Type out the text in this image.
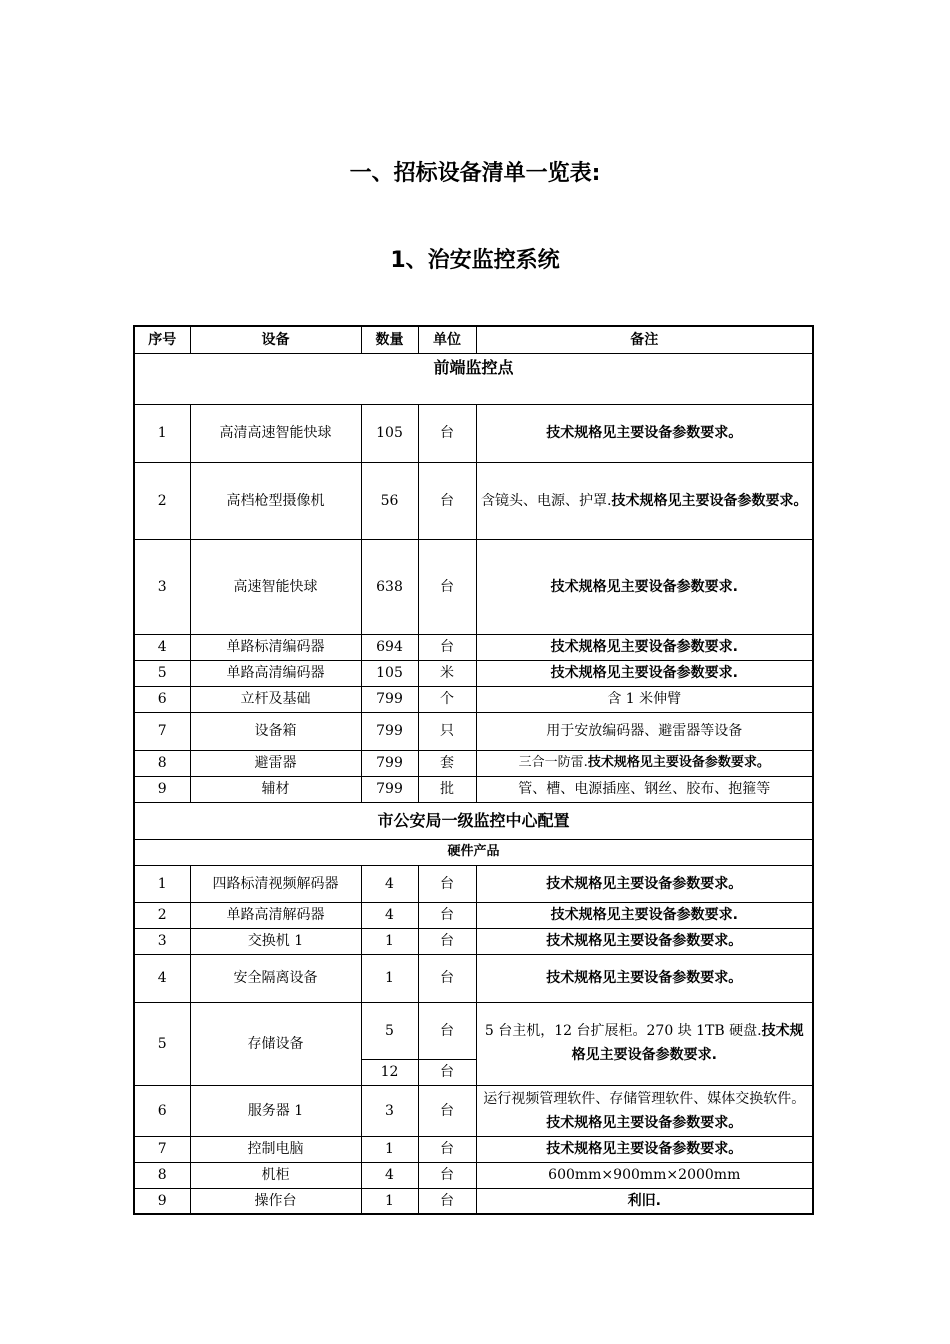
一、招标设备清单一览表:
1、治安监控系统
序号	设备	数量	单位	备注
前端监控点				
1	高清高速智能快球	105	台	技术规格见主要设备参数要求。
2	高档枪型摄像机	56	台	含镜头、电源、护罩.技术规格见主要设备参数要求。
3	高速智能快球	638	台	技术规格见主要设备参数要求.
4	单路标清编码器	694	台	技术规格见主要设备参数要求.
5	单路高清编码器	105	米	技术规格见主要设备参数要求.
6	立杆及基础	799	个	含 1 米伸臂
7	设备箱	799	只	用于安放编码器、避雷器等设备
8	避雷器	799	套	三合一防雷.技术规格见主要设备参数要求。
9	辅材	799	批	管、槽、电源插座、钢丝、胶布、抱箍等
市公安局一级监控中心配置				
硬件产品				
1	四路标清视频解码器	4	台	技术规格见主要设备参数要求。
2	单路高清解码器	4	台	技术规格见主要设备参数要求.
3	交换机 1	1	台	技术规格见主要设备参数要求。
4	安全隔离设备	1	台	技术规格见主要设备参数要求。
5	存储设备	5	台	5 台主机，12 台扩展柜。270 块 1TB 硬盘.技术规格见主要设备参数要求.
		12	台	
6	服务器 1	3	台	运行视频管理软件、存储管理软件、媒体交换软件。技术规格见主要设备参数要求。
7	控制电脑	1	台	技术规格见主要设备参数要求。
8	机柜	4	台	600mm×900mm×2000mm
9	操作台	1	台	利旧.
